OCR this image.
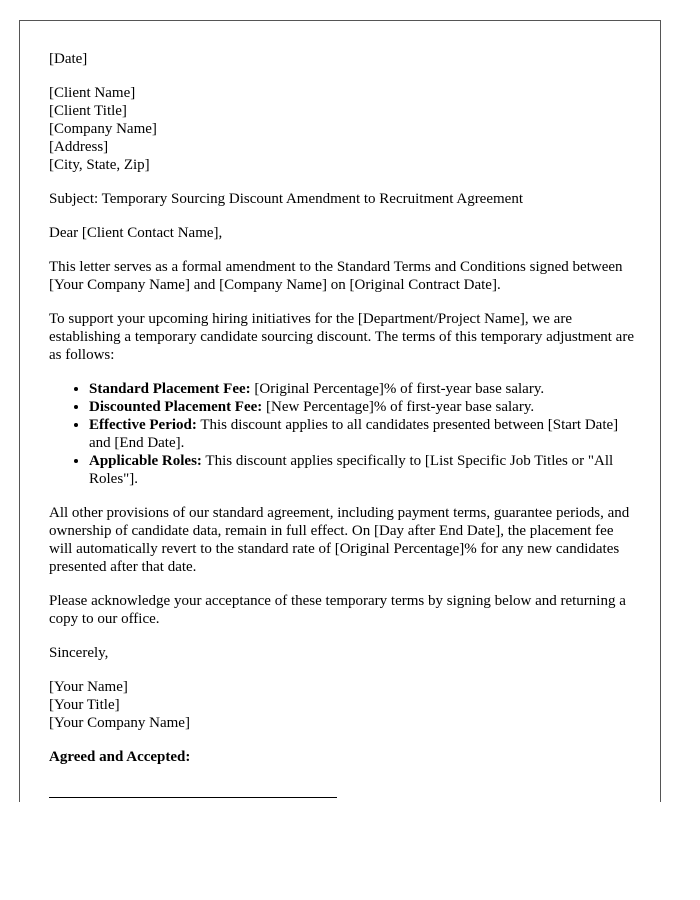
[Date]

[Client Name]

[Client Title]

[Company Name]

[Address]

[City, State, Zip]

Subject: Temporary Sourcing Discount Amendment to Recruitment Agreement

Dear [Client Contact Name],

This letter serves as a formal amendment to the Standard Terms and Conditions signed between [Your Company Name] and [Company Name] on [Original Contract Date].

To support your upcoming hiring initiatives for the [Department/Project Name], we are establishing a temporary candidate sourcing discount. The terms of this temporary adjustment are as follows:

• Standard Placement Fee: [Original Percentage]% of first-year base salary.
• Discounted Placement Fee: [New Percentage]% of first-year base salary.
• Effective Period: This discount applies to all candidates presented between [Start Date] and [End Date].
• Applicable Roles: This discount applies specifically to [List Specific Job Titles or "All Roles"].

All other provisions of our standard agreement, including payment terms, guarantee periods, and ownership of candidate data, remain in full effect. On [Day after End Date], the placement fee will automatically revert to the standard rate of [Original Percentage]% for any new candidates presented after that date.

Please acknowledge your acceptance of these temporary terms by signing below and returning a copy to our office.

Sincerely,

[Your Name]

[Your Title]

[Your Company Name]

Agreed and Accepted:
